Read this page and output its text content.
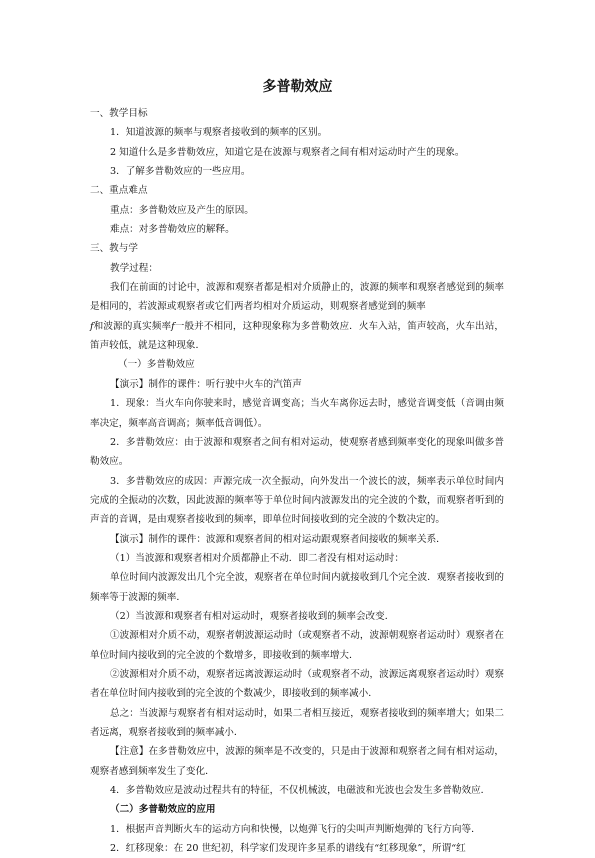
多普勒效应

一、教学目标

1．知道波源的频率与观察者接收到的频率的区别。

2 知道什么是多普勒效应，知道它是在波源与观察者之间有相对运动时产生的现象。

3．了解多普勒效应的一些应用。

二、重点难点

重点：多普勒效应及产生的原因。

难点：对多普勒效应的解释。

三、教与学

教学过程：

我们在前面的讨论中，波源和观察者都是相对介质静止的，波源的频率和观察者感觉到的频率是相同的，若波源或观察者或它们两者均相对介质运动，则观察者感觉到的频率
f和波源的真实频率f一般并不相同，这种现象称为多普勒效应．火车入站，笛声较高，火车出站，笛声较低，就是这种现象．

（一）多普勒效应

【演示】制作的课件：听行驶中火车的汽笛声

1．现象：当火车向你驶来时，感觉音调变高；当火车离你远去时，感觉音调变低（音调由频率决定，频率高音调高；频率低音调低）。

2．多普勒效应：由于波源和观察者之间有相对运动，使观察者感到频率变化的现象叫做多普勒效应。

3．多普勒效应的成因：声源完成一次全振动，向外发出一个波长的波，频率表示单位时间内完成的全振动的次数，因此波源的频率等于单位时间内波源发出的完全波的个数，而观察者听到的声音的音调，是由观察者接收到的频率，即单位时间接收到的完全波的个数决定的。

【演示】制作的课件：波源和观察者间的相对运动跟观察者间接收的频率关系．

（1）当波源和观察者相对介质都静止不动．即二者没有相对运动时：

单位时间内波源发出几个完全波，观察者在单位时间内就接收到几个完全波．观察者接收到的频率等于波源的频率．

（2）当波源和观察者有相对运动时，观察者接收到的频率会改变．

①波源相对介质不动，观察者朝波源运动时（或观察者不动，波源朝观察者运动时）观察者在单位时间内接收到的完全波的个数增多，即接收到的频率增大．

②波源相对介质不动，观察者远离波源运动时（或观察者不动，波源远离观察者运动时）观察者在单位时间内接收到的完全波的个数减少，即接收到的频率减小．

总之：当波源与观察者有相对运动时，如果二者相互接近，观察者接收到的频率增大；如果二者远离，观察者接收到的频率减小．

【注意】在多普勒效应中，波源的频率是不改变的，只是由于波源和观察者之间有相对运动，观察者感到频率发生了变化．

4．多普勒效应是波动过程共有的特征，不仅机械波，电磁波和光波也会发生多普勒效应．

（二）多普勒效应的应用

1．根据声音判断火车的运动方向和快慢，以炮弹飞行的尖叫声判断炮弹的飞行方向等．

2．红移现象：在 20 世纪初，科学家们发现许多星系的谱线有“红移现象”，所谓“红
